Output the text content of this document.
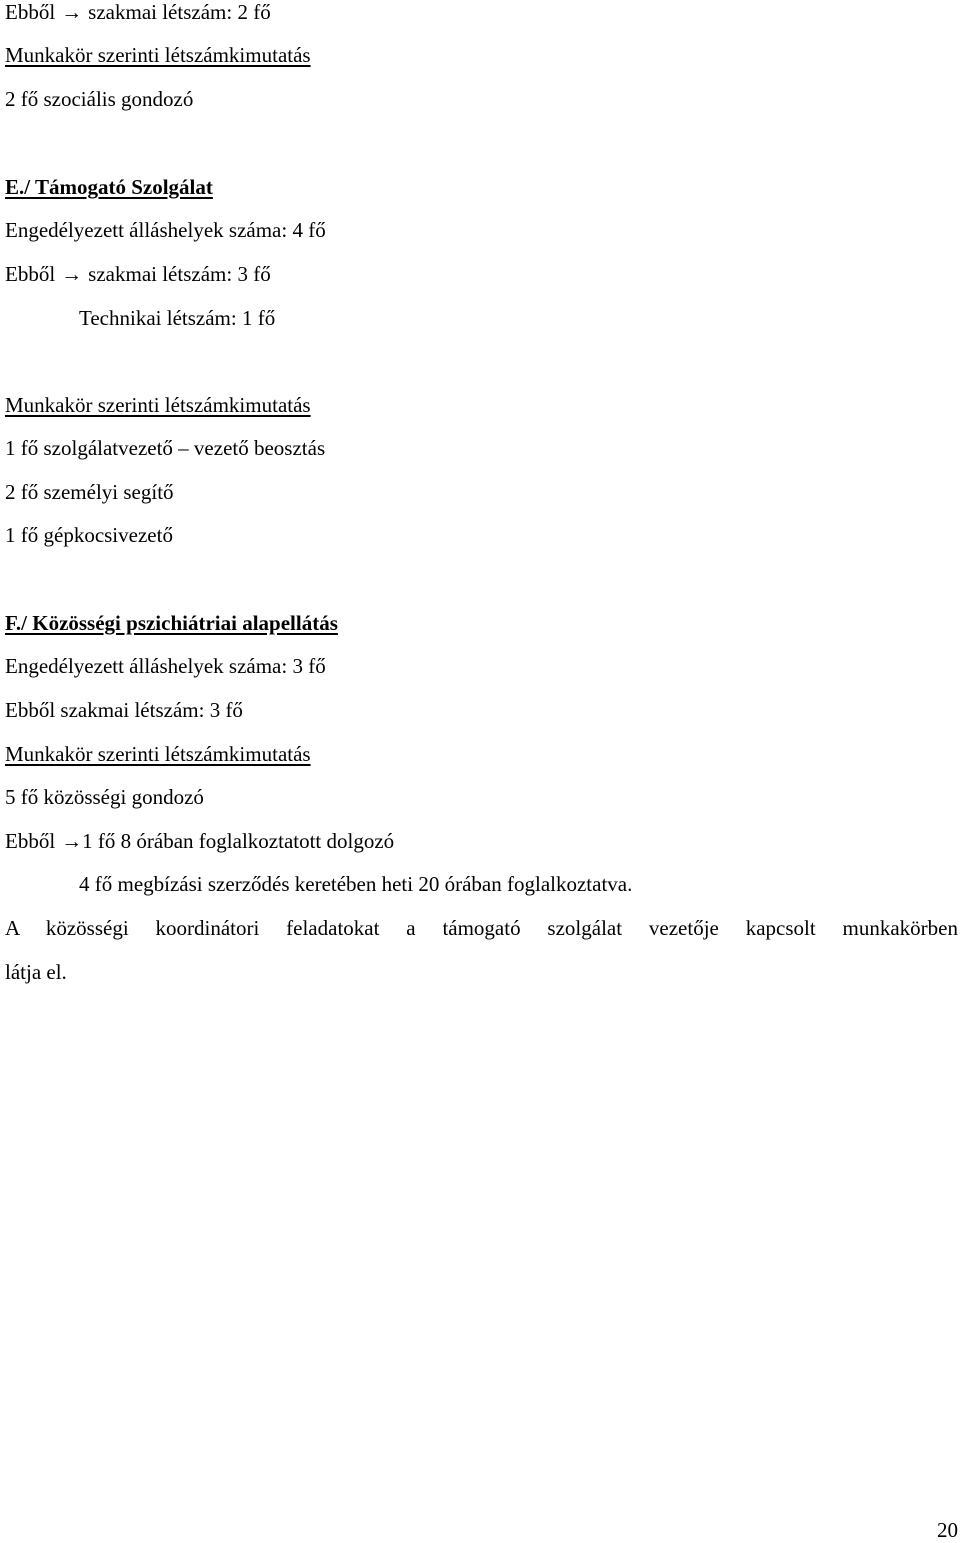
Ebből → szakmai létszám: 2 fő
Munkakör szerinti létszámkimutatás
2 fő szociális gondozó
E./ Támogató Szolgálat
Engedélyezett álláshelyek száma: 4 fő
Ebből → szakmai létszám: 3 fő
Technikai létszám: 1 fő
Munkakör szerinti létszámkimutatás
1 fő szolgálatvezető – vezető beosztás
2 fő személyi segítő
1 fő gépkocsivezető
F./ Közösségi pszichiátriai alapellátás
Engedélyezett álláshelyek száma: 3 fő
Ebből szakmai létszám: 3 fő
Munkakör szerinti létszámkimutatás
5 fő közösségi gondozó
Ebből →1 fő 8 órában foglalkoztatott dolgozó
4 fő megbízási szerződés keretében heti 20 órában foglalkoztatva.
A közösségi koordinátori feladatokat a támogató szolgálat vezetője kapcsolt munkakörben
látja el.
20
